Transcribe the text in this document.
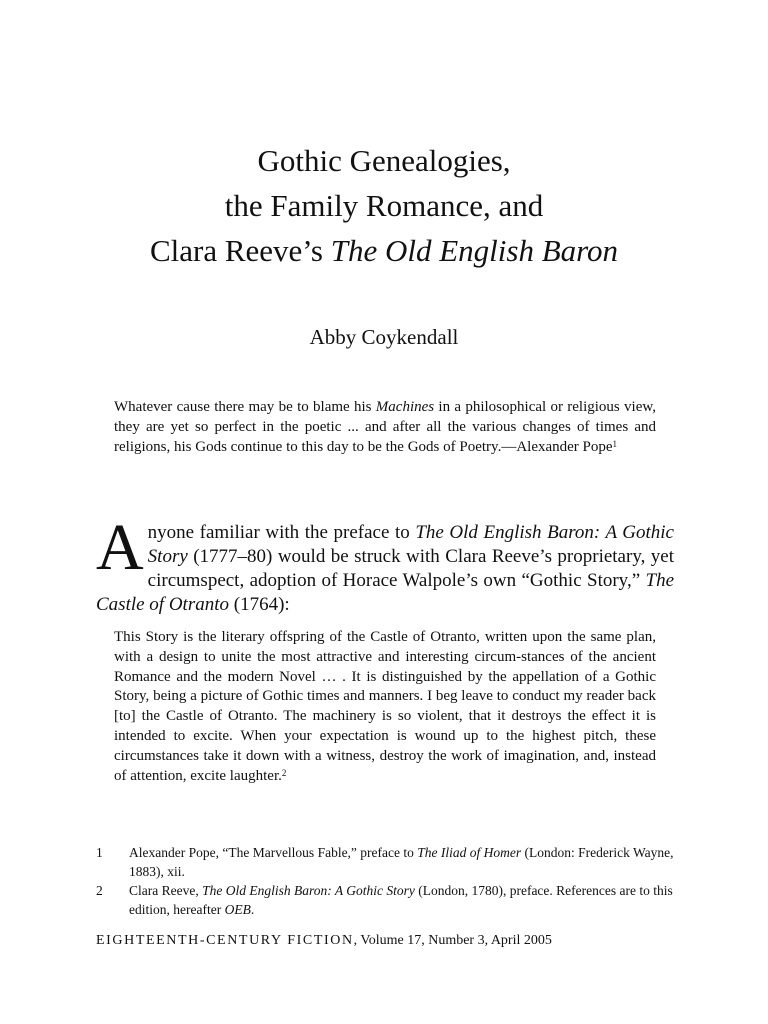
Gothic Genealogies,
the Family Romance, and
Clara Reeve’s The Old English Baron

Abby Coykendall

Whatever cause there may be to blame his Machines in a philosophical or religious view, they are yet so perfect in the poetic ... and after all the various changes of times and religions, his Gods continue to this day to be the Gods of Poetry.—Alexander Pope$^1$

Anyone familiar with the preface to The Old English Baron: A Gothic Story (1777–80) would be struck with Clara Reeve’s proprietary, yet circumspect, adoption of Horace Walpole’s own “Gothic Story,” The Castle of Otranto (1764):

This Story is the literary offspring of the Castle of Otranto, written upon the same plan, with a design to unite the most attractive and interesting circum-stances of the ancient Romance and the modern Novel … . It is distinguished by the appellation of a Gothic Story, being a picture of Gothic times and manners. I beg leave to conduct my reader back [to] the Castle of Otranto. The machinery is so violent, that it destroys the effect it is intended to excite. When your expectation is wound up to the highest pitch, these circumstances take it down with a witness, destroy the work of imagination, and, instead of attention, excite laughter.$^2$

1 Alexander Pope, “The Marvellous Fable,” preface to The Iliad of Homer (London: Frederick Wayne, 1883), xii.
2 Clara Reeve, The Old English Baron: A Gothic Story (London, 1780), preface. References are to this edition, hereafter OEB.

EIGHTEENTH-CENTURY FICTION, Volume 17, Number 3, April 2005
